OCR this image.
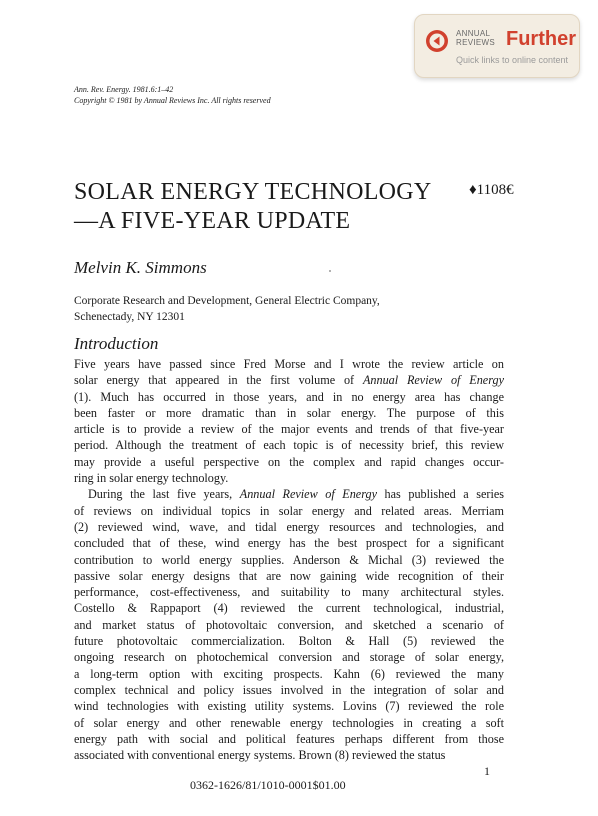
ANNUAL
REVIEWS Further
Quick links to online content
Ann. Rev. Energy. 1981.6:1–42
Copyright © 1981 by Annual Reviews Inc. All rights reserved
SOLAR ENERGY TECHNOLOGY
—A FIVE-YEAR UPDATE
♦1108€
Melvin K. Simmons
Corporate Research and Development, General Electric Company,
Schenectady, NY 12301
Introduction
Five years have passed since Fred Morse and I wrote the review article on
solar energy that appeared in the first volume of Annual Review of Energy
(1). Much has occurred in those years, and in no energy area has change
been faster or more dramatic than in solar energy. The purpose of this
article is to provide a review of the major events and trends of that five-year
period. Although the treatment of each topic is of necessity brief, this review
may provide a useful perspective on the complex and rapid changes occur-
ring in solar energy technology.
During the last five years, Annual Review of Energy has published a series
of reviews on individual topics in solar energy and related areas. Merriam
(2) reviewed wind, wave, and tidal energy resources and technologies, and
concluded that of these, wind energy has the best prospect for a significant
contribution to world energy supplies. Anderson & Michal (3) reviewed the
passive solar energy designs that are now gaining wide recognition of their
performance, cost-effectiveness, and suitability to many architectural styles.
Costello & Rappaport (4) reviewed the current technological, industrial,
and market status of photovoltaic conversion, and sketched a scenario of
future photovoltaic commercialization. Bolton & Hall (5) reviewed the
ongoing research on photochemical conversion and storage of solar energy,
a long-term option with exciting prospects. Kahn (6) reviewed the many
complex technical and policy issues involved in the integration of solar and
wind technologies with existing utility systems. Lovins (7) reviewed the role
of solar energy and other renewable energy technologies in creating a soft
energy path with social and political features perhaps different from those
associated with conventional energy systems. Brown (8) reviewed the status
1
0362-1626/81/1010-0001$01.00
